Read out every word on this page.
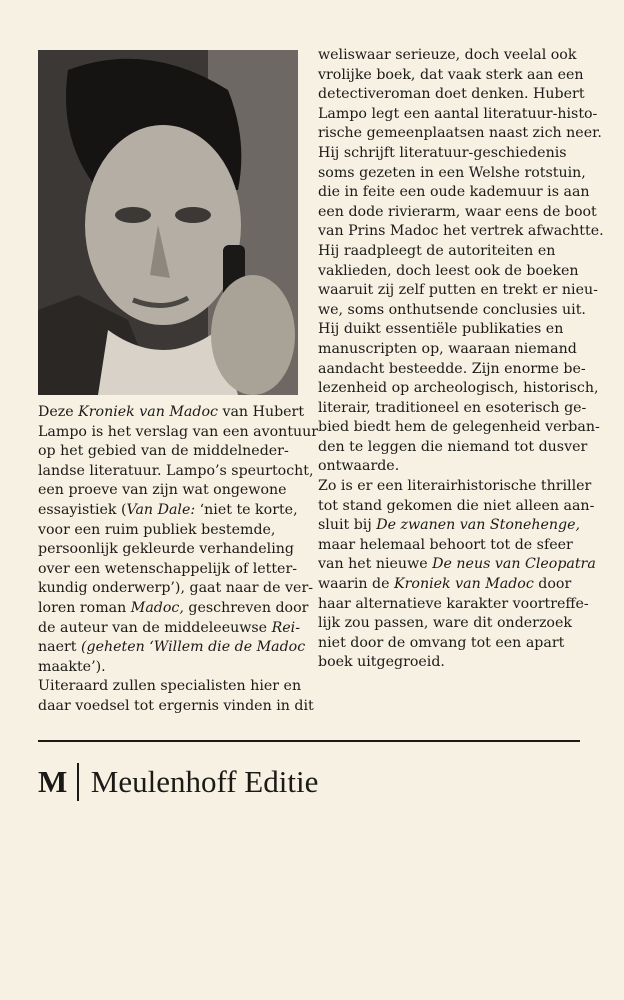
Deze Kroniek van Madoc van Hubert
Lampo is het verslag van een avontuur
op het gebied van de middelneder-
landse literatuur. Lampo’s speurtocht,
een proeve van zijn wat ongewone
essayistiek (Van Dale: ‘niet te korte,
voor een ruim publiek bestemde,
persoonlijk gekleurde verhandeling
over een wetenschappelijk of letter-
kundig onderwerp’), gaat naar de ver-
loren roman Madoc, geschreven door
de auteur van de middeleeuwse Rei-
naert (geheten ‘Willem die de Madoc
maakte’).
Uiteraard zullen specialisten hier en
daar voedsel tot ergernis vinden in dit
weliswaar serieuze, doch veelal ook
vrolijke boek, dat vaak sterk aan een
detectiveroman doet denken. Hubert
Lampo legt een aantal literatuur-histo-
rische gemeenplaatsen naast zich neer.
Hij schrijft literatuur-geschiedenis
soms gezeten in een Welshe rotstuin,
die in feite een oude kademuur is aan
een dode rivierarm, waar eens de boot
van Prins Madoc het vertrek afwachtte.
Hij raadpleegt de autoriteiten en
vaklieden, doch leest ook de boeken
waaruit zij zelf putten en trekt er nieu-
we, soms onthutsende conclusies uit.
Hij duikt essentiële publikaties en
manuscripten op, waaraan niemand
aandacht besteedde. Zijn enorme be-
lezenheid op archeologisch, historisch,
literair, traditioneel en esoterisch ge-
bied biedt hem de gelegenheid verban-
den te leggen die niemand tot dusver
ontwaarde.
Zo is er een literairhistorische thriller
tot stand gekomen die niet alleen aan-
sluit bij De zwanen van Stonehenge,
maar helemaal behoort tot de sfeer
van het nieuwe De neus van Cleopatra
waarin de Kroniek van Madoc door
haar alternatieve karakter voortreffe-
lijk zou passen, ware dit onderzoek
niet door de omvang tot een apart
boek uitgegroeid.
M Meulenhoff Editie
